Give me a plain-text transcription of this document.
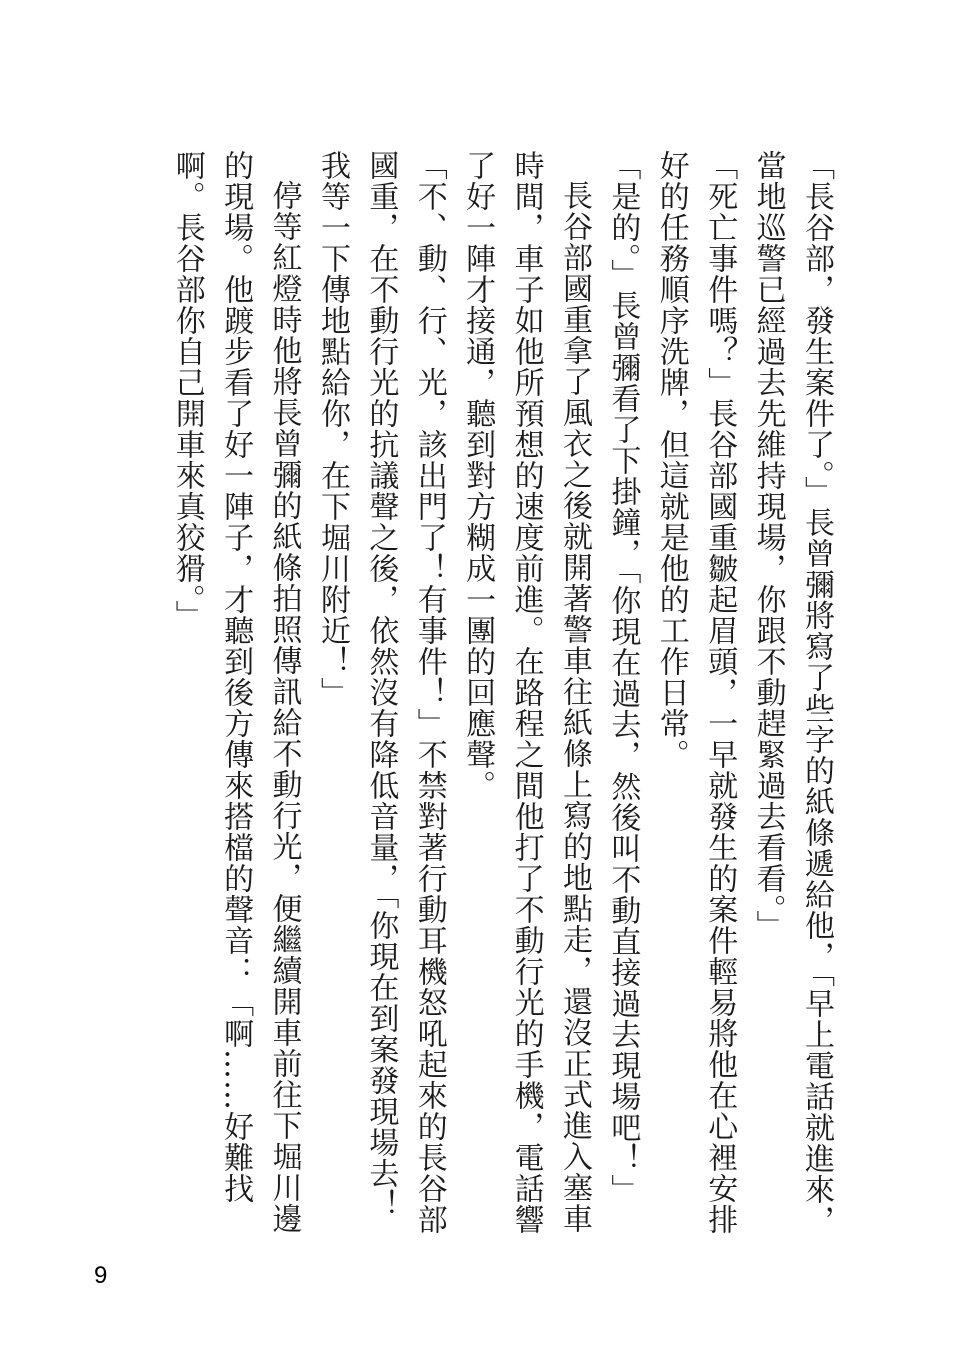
「長谷部，發生案件了。」長曾彌將寫了些字的紙條遞給他，「早上電話就進來，當地巡警已經過去先維持現場，你跟不動趕緊過去看看。」

「死亡事件嗎？」長谷部國重皺起眉頭，一早就發生的案件輕易將他在心裡安排好的任務順序洗牌，但這就是他的工作日常。

「是的。」長曾彌看了下掛鐘，「你現在過去，然後叫不動直接過去現場吧！」

長谷部國重拿了風衣之後就開著警車往紙條上寫的地點走，還沒正式進入塞車時間，車子如他所預想的速度前進。在路程之間他打了不動行光的手機，電話響了好一陣才接通，聽到對方糊成一團的回應聲。

「不、動、行、光，該出門了！有事件！」不禁對著行動耳機怒吼起來的長谷部國重，在不動行光的抗議聲之後，依然沒有降低音量，「你現在到案發現場去！我等一下傳地點給你，在下堀川附近！」

停等紅燈時他將長曾彌的紙條拍照傳訊給不動行光，便繼續開車前往下堀川邊的現場。他踱步看了好一陣子，才聽到後方傳來搭檔的聲音：「啊……好難找啊。長谷部你自己開車來真狡猾。」

9
